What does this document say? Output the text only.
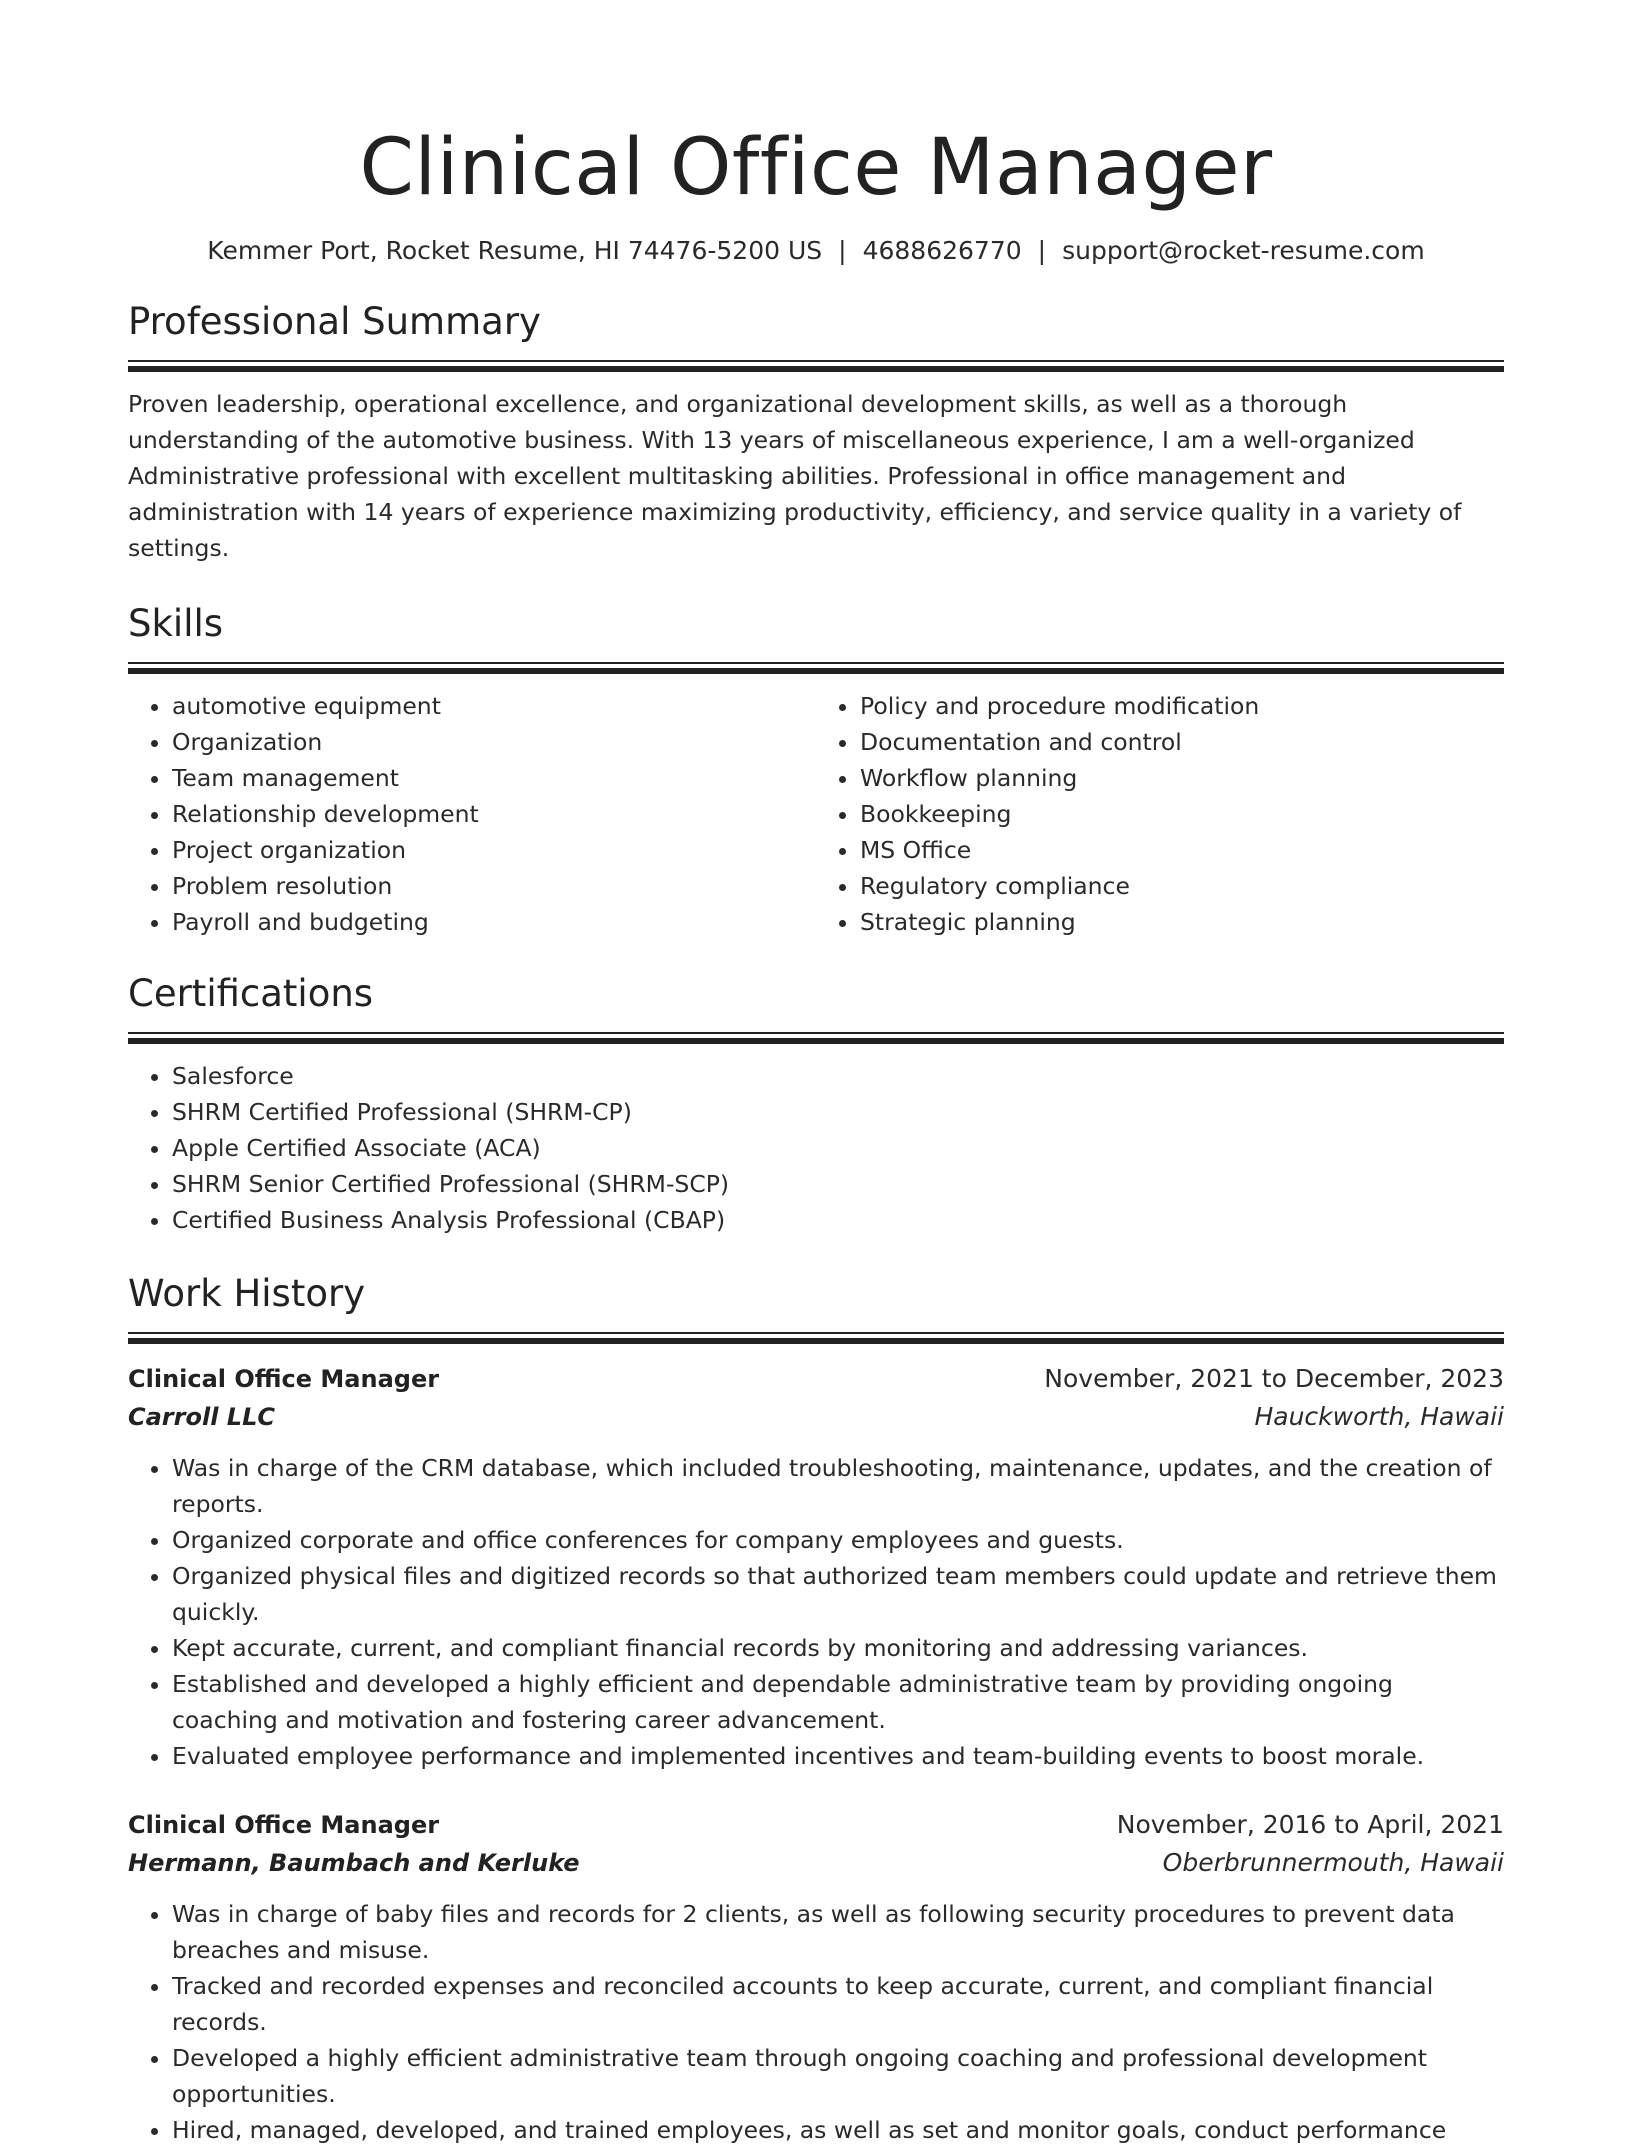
Clinical Office Manager
Kemmer Port, Rocket Resume, HI 74476-5200 US | 4688626770 | support@rocket-resume.com
Professional Summary
Proven leadership, operational excellence, and organizational development skills, as well as a thorough understanding of the automotive business. With 13 years of miscellaneous experience, I am a well-organized Administrative professional with excellent multitasking abilities. Professional in office management and administration with 14 years of experience maximizing productivity, efficiency, and service quality in a variety of settings.
Skills
• automotive equipment
• Organization
• Team management
• Relationship development
• Project organization
• Problem resolution
• Payroll and budgeting
• Policy and procedure modification
• Documentation and control
• Workflow planning
• Bookkeeping
• MS Office
• Regulatory compliance
• Strategic planning
Certifications
• Salesforce
• SHRM Certified Professional (SHRM-CP)
• Apple Certified Associate (ACA)
• SHRM Senior Certified Professional (SHRM-SCP)
• Certified Business Analysis Professional (CBAP)
Work History
Clinical Office Manager	November, 2021 to December, 2023
Carroll LLC	Hauckworth, Hawaii
• Was in charge of the CRM database, which included troubleshooting, maintenance, updates, and the creation of reports.
• Organized corporate and office conferences for company employees and guests.
• Organized physical files and digitized records so that authorized team members could update and retrieve them quickly.
• Kept accurate, current, and compliant financial records by monitoring and addressing variances.
• Established and developed a highly efficient and dependable administrative team by providing ongoing coaching and motivation and fostering career advancement.
• Evaluated employee performance and implemented incentives and team-building events to boost morale.
Clinical Office Manager	November, 2016 to April, 2021
Hermann, Baumbach and Kerluke	Oberbrunnermouth, Hawaii
• Was in charge of baby files and records for 2 clients, as well as following security procedures to prevent data breaches and misuse.
• Tracked and recorded expenses and reconciled accounts to keep accurate, current, and compliant financial records.
• Developed a highly efficient administrative team through ongoing coaching and professional development opportunities.
• Hired, managed, developed, and trained employees, as well as set and monitor goals, conduct performance
